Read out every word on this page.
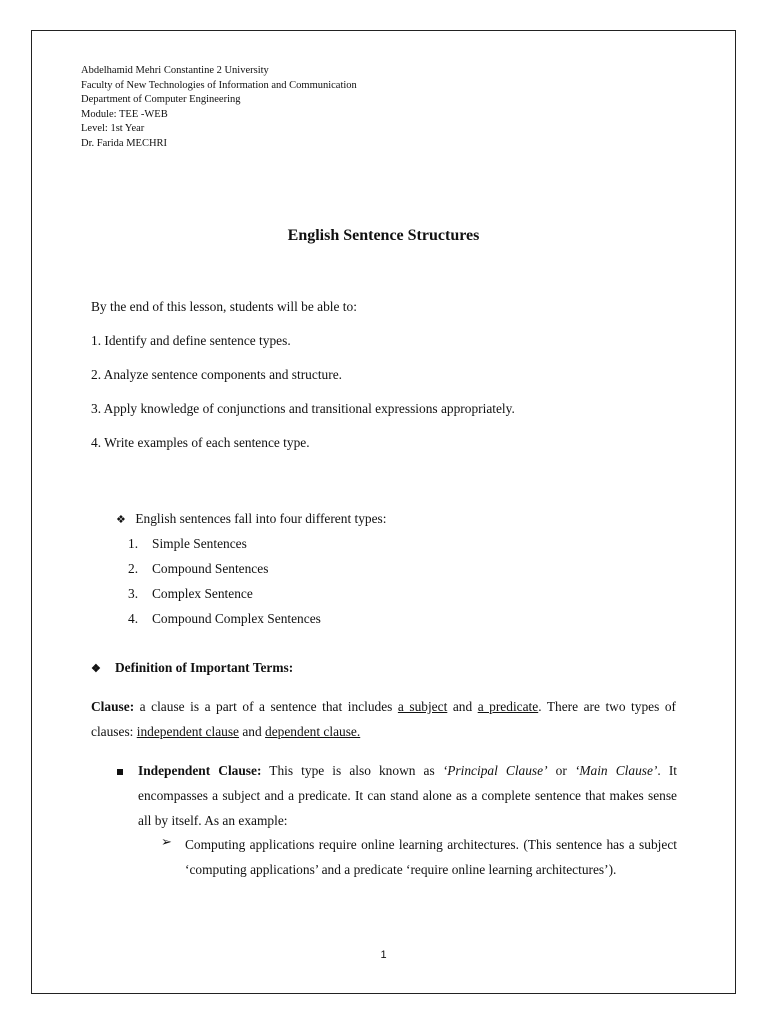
Abdelhamid Mehri Constantine 2 University
Faculty of New Technologies of Information and Communication
Department of Computer Engineering
Module: TEE -WEB
Level: 1st Year
Dr. Farida MECHRI
English Sentence Structures
By the end of this lesson, students will be able to:
1. Identify and define sentence types.
2. Analyze sentence components and structure.
3. Apply knowledge of conjunctions and transitional expressions appropriately.
4. Write examples of each sentence type.
❖ English sentences fall into four different types:
1. Simple Sentences
2. Compound Sentences
3. Complex Sentence
4. Compound Complex Sentences
❖ Definition of Important Terms:
Clause: a clause is a part of a sentence that includes a subject and a predicate. There are two types of clauses: independent clause and dependent clause.
Independent Clause: This type is also known as ‘Principal Clause’ or ‘Main Clause’. It encompasses a subject and a predicate. It can stand alone as a complete sentence that makes sense all by itself. As an example:
➢ Computing applications require online learning architectures. (This sentence has a subject ‘computing applications’ and a predicate ‘require online learning architectures’).
1
